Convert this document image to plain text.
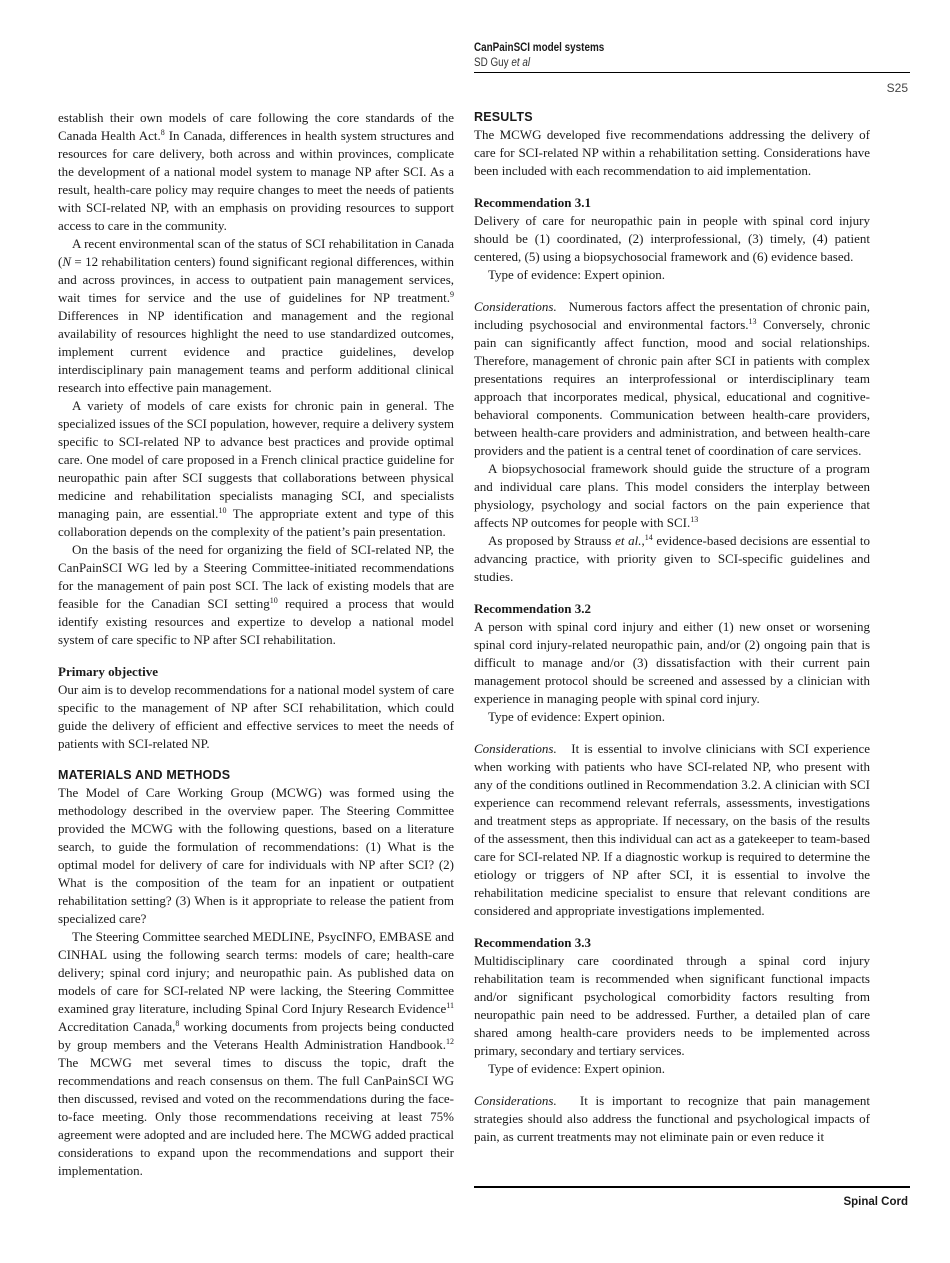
CanPainSCI model systems
SD Guy et al
S25

establish their own models of care following the core standards of the Canada Health Act.$^8$ In Canada, differences in health system structures and resources for care delivery, both across and within provinces, complicate the development of a national model system to manage NP after SCI. As a result, health-care policy may require changes to meet the needs of patients with SCI-related NP, with an emphasis on providing resources to support access to care in the community.

A recent environmental scan of the status of SCI rehabilitation in Canada (N = 12 rehabilitation centers) found significant regional differences, within and across provinces, in access to outpatient pain management services, wait times for service and the use of guidelines for NP treatment.$^9$ Differences in NP identification and management and the regional availability of resources highlight the need to use standardized outcomes, implement current evidence and practice guidelines, develop interdisciplinary pain management teams and perform additional clinical research into effective pain management.

A variety of models of care exists for chronic pain in general. The specialized issues of the SCI population, however, require a delivery system specific to SCI-related NP to advance best practices and provide optimal care. One model of care proposed in a French clinical practice guideline for neuropathic pain after SCI suggests that collaborations between physical medicine and rehabilitation specialists managing SCI, and specialists managing pain, are essential.$^{10}$ The appropriate extent and type of this collaboration depends on the complexity of the patient’s pain presentation.

On the basis of the need for organizing the field of SCI-related NP, the CanPainSCI WG led by a Steering Committee-initiated recommendations for the management of pain post SCI. The lack of existing models that are feasible for the Canadian SCI setting$^{10}$ required a process that would identify existing resources and expertize to develop a national model system of care specific to NP after SCI rehabilitation.

Primary objective

Our aim is to develop recommendations for a national model system of care specific to the management of NP after SCI rehabilitation, which could guide the delivery of efficient and effective services to meet the needs of patients with SCI-related NP.

MATERIALS AND METHODS

The Model of Care Working Group (MCWG) was formed using the methodology described in the overview paper. The Steering Committee provided the MCWG with the following questions, based on a literature search, to guide the formulation of recommendations: (1) What is the optimal model for delivery of care for individuals with NP after SCI? (2) What is the composition of the team for an inpatient or outpatient rehabilitation setting? (3) When is it appropriate to release the patient from specialized care?

The Steering Committee searched MEDLINE, PsycINFO, EMBASE and CINHAL using the following search terms: models of care; health-care delivery; spinal cord injury; and neuropathic pain. As published data on models of care for SCI-related NP were lacking, the Steering Committee examined gray literature, including Spinal Cord Injury Research Evidence$^{11}$ Accreditation Canada,$^8$ working documents from projects being conducted by group members and the Veterans Health Administration Handbook.$^{12}$ The MCWG met several times to discuss the topic, draft the recommendations and reach consensus on them. The full CanPainSCI WG then discussed, revised and voted on the recommendations during the face-to-face meeting. Only those recommendations receiving at least 75% agreement were adopted and are included here. The MCWG added practical considerations to expand upon the recommendations and support their implementation.

RESULTS

The MCWG developed five recommendations addressing the delivery of care for SCI-related NP within a rehabilitation setting. Considerations have been included with each recommendation to aid implementation.

Recommendation 3.1

Delivery of care for neuropathic pain in people with spinal cord injury should be (1) coordinated, (2) interprofessional, (3) timely, (4) patient centered, (5) using a biopsychosocial framework and (6) evidence based.

Type of evidence: Expert opinion.

Considerations.   Numerous factors affect the presentation of chronic pain, including psychosocial and environmental factors.$^{13}$ Conversely, chronic pain can significantly affect function, mood and social relationships. Therefore, management of chronic pain after SCI in patients with complex presentations requires an interprofessional or interdisciplinary team approach that incorporates medical, physical, educational and cognitive-behavioral components. Communication between health-care providers, between health-care providers and administration, and between health-care providers and the patient is a central tenet of coordination of care services.

A biopsychosocial framework should guide the structure of a program and individual care plans. This model considers the interplay between physiology, psychology and social factors on the pain experience that affects NP outcomes for people with SCI.$^{13}$

As proposed by Strauss et al.,$^{14}$ evidence-based decisions are essential to advancing practice, with priority given to SCI-specific guidelines and studies.

Recommendation 3.2

A person with spinal cord injury and either (1) new onset or worsening spinal cord injury-related neuropathic pain, and/or (2) ongoing pain that is difficult to manage and/or (3) dissatisfaction with their current pain management protocol should be screened and assessed by a clinician with experience in managing people with spinal cord injury.

Type of evidence: Expert opinion.

Considerations. It is essential to involve clinicians with SCI experience when working with patients who have SCI-related NP, who present with any of the conditions outlined in Recommendation 3.2. A clinician with SCI experience can recommend relevant referrals, assessments, investigations and treatment steps as appropriate. If necessary, on the basis of the results of the assessment, then this individual can act as a gatekeeper to team-based care for SCI-related NP. If a diagnostic workup is required to determine the etiology or triggers of NP after SCI, it is essential to involve the rehabilitation medicine specialist to ensure that relevant conditions are considered and appropriate investigations implemented.

Recommendation 3.3

Multidisciplinary care coordinated through a spinal cord injury rehabilitation team is recommended when significant functional impacts and/or significant psychological comorbidity factors resulting from neuropathic pain need to be addressed. Further, a detailed plan of care shared among health-care providers needs to be implemented across primary, secondary and tertiary services.

Type of evidence: Expert opinion.

Considerations. It is important to recognize that pain management strategies should also address the functional and psychological impacts of pain, as current treatments may not eliminate pain or even reduce it

Spinal Cord
